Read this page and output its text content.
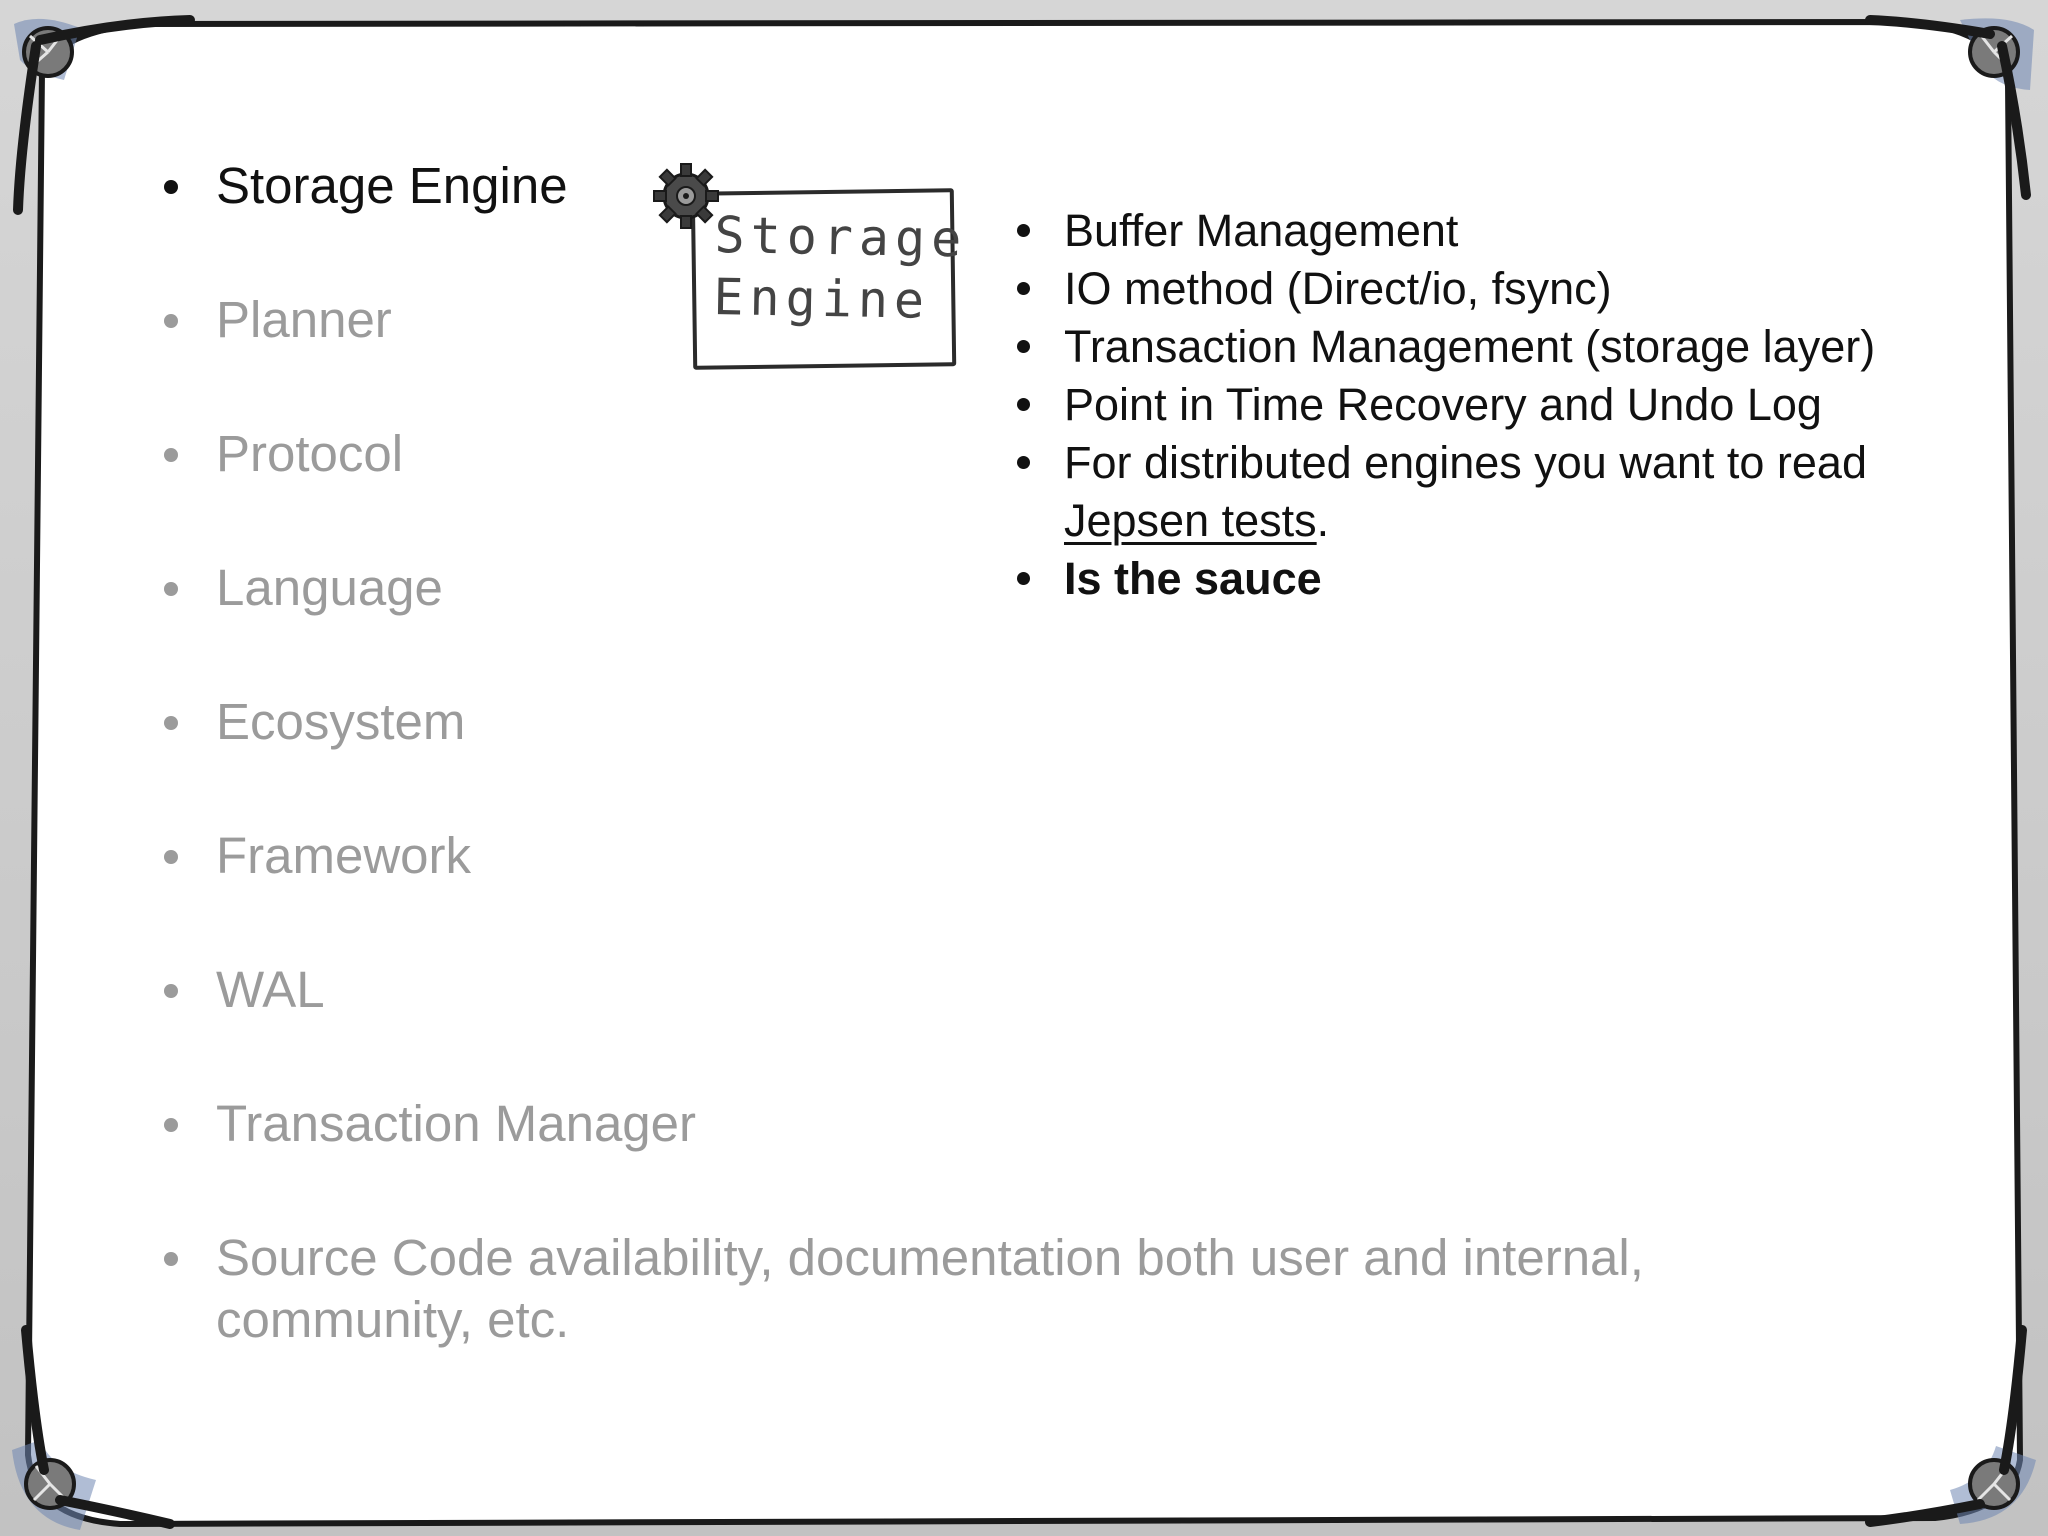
Storage Engine
Planner
Protocol
Language
Ecosystem
Framework
WAL
Transaction Manager
Source Code availability, documentation both user and internal, community, etc.
Storage
Engine
Buffer Management
IO method (Direct/io, fsync)
Transaction Management (storage layer)
Point in Time Recovery and Undo Log
For distributed engines you want to read Jepsen tests.
Is the sauce
